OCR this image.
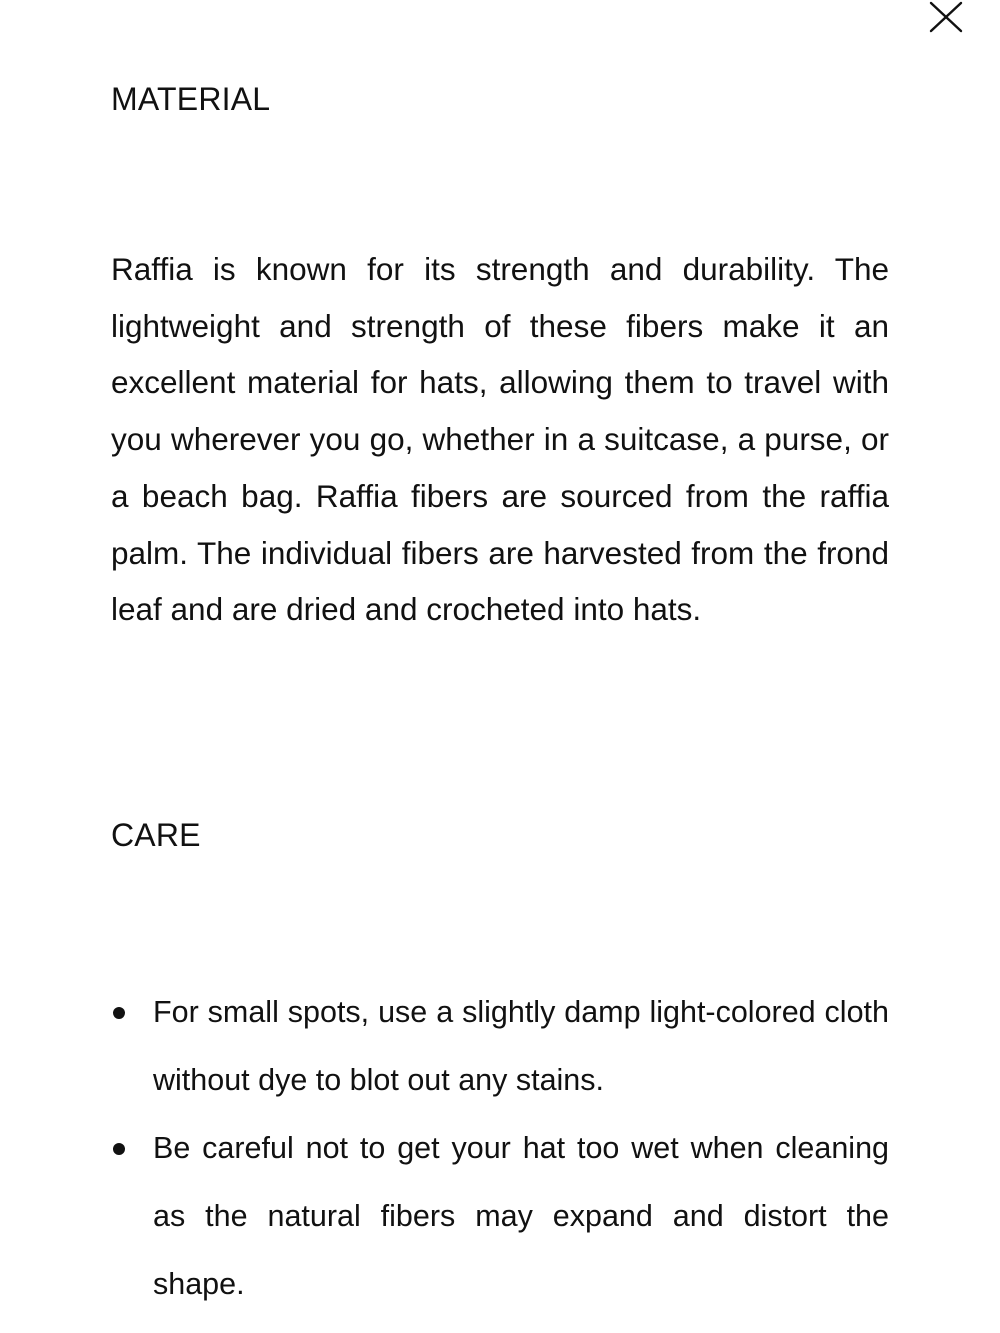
MATERIAL

Raffia is known for its strength and durability. The lightweight and strength of these fibers make it an excellent material for hats, allowing them to travel with you wherever you go, whether in a suitcase, a purse, or a beach bag. Raffia fibers are sourced from the raffia palm. The individual fibers are harvested from the frond leaf and are dried and crocheted into hats.

CARE
For small spots, use a slightly damp light-colored cloth without dye to blot out any stains.
Be careful not to get your hat too wet when cleaning as the natural fibers may expand and distort the shape.
